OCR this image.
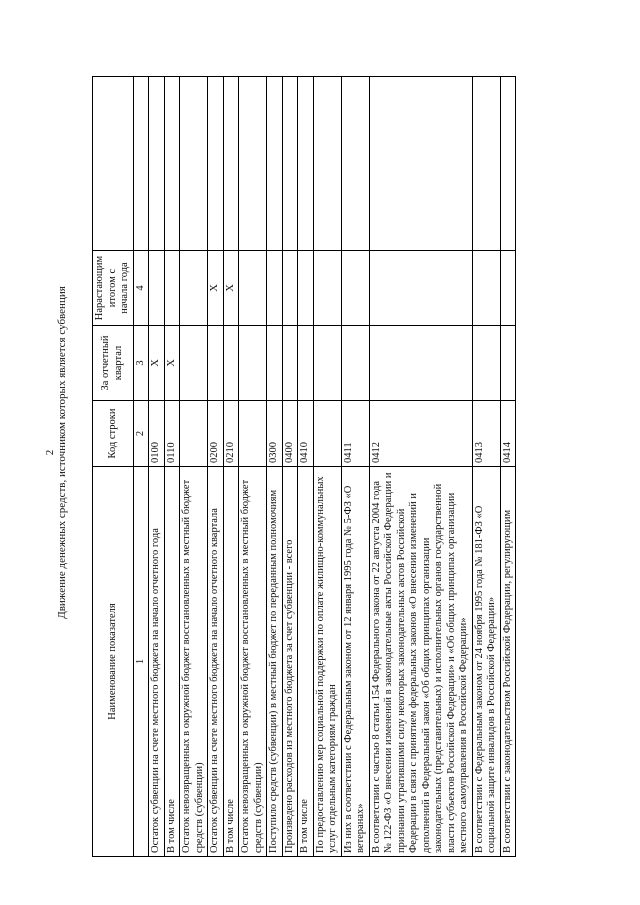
2 Движение денежных средств, источником которых является субвенция
Наименование показателя	Код строки	За отчетный квартал	Нарастающим итогом с начала года	
1	2	3	4	
Остаток субвенции на счете местного бюджета на начало отчетного года	0100	X		
В том числе	0110	X		
Остаток невозвращенных в окружной бюджет восстановленных в местный бюджет средств (субвенции)				
Остаток субвенции на счете местного бюджета на начало отчетного квартала	0200		X	
В том числе	0210		X	
Остаток невозвращенных в окружной бюджет восстановленных в местный бюджет средств (субвенции)				
Поступило средств (субвенции) в местный бюджет по переданным полномочиям	0300			
Произведено расходов из местного бюджета за счет субвенции - всего	0400			
В том числе	0410			
По предоставлению мер социальной поддержки по оплате жилищно-коммунальных услуг отдельным категориям граждан				
Из них в соответствии с Федеральным законом от 12 января 1995 года № 5-ФЗ «О ветеранах»	0411			
В соответствии с частью 8 статьи 154 Федерального закона от 22 августа 2004 года № 122-ФЗ «О внесении изменений в законодательные акты Российской Федерации и признании утратившими силу некоторых законодательных актов Российской Федерации в связи с принятием федеральных законов «О внесении изменений и дополнений в Федеральный закон «Об общих принципах организации законодательных (представительных) и исполнительных органов государственной власти субъектов Российской Федерации» и «Об общих принципах организации местного самоуправления в Российской Федерации»	0412			
В соответствии с Федеральным законом от 24 ноября 1995 года № 181-ФЗ «О социальной защите инвалидов в Российской Федерации»	0413			
В соответствии с законодательством Российской Федерации, регулирующим	0414			
